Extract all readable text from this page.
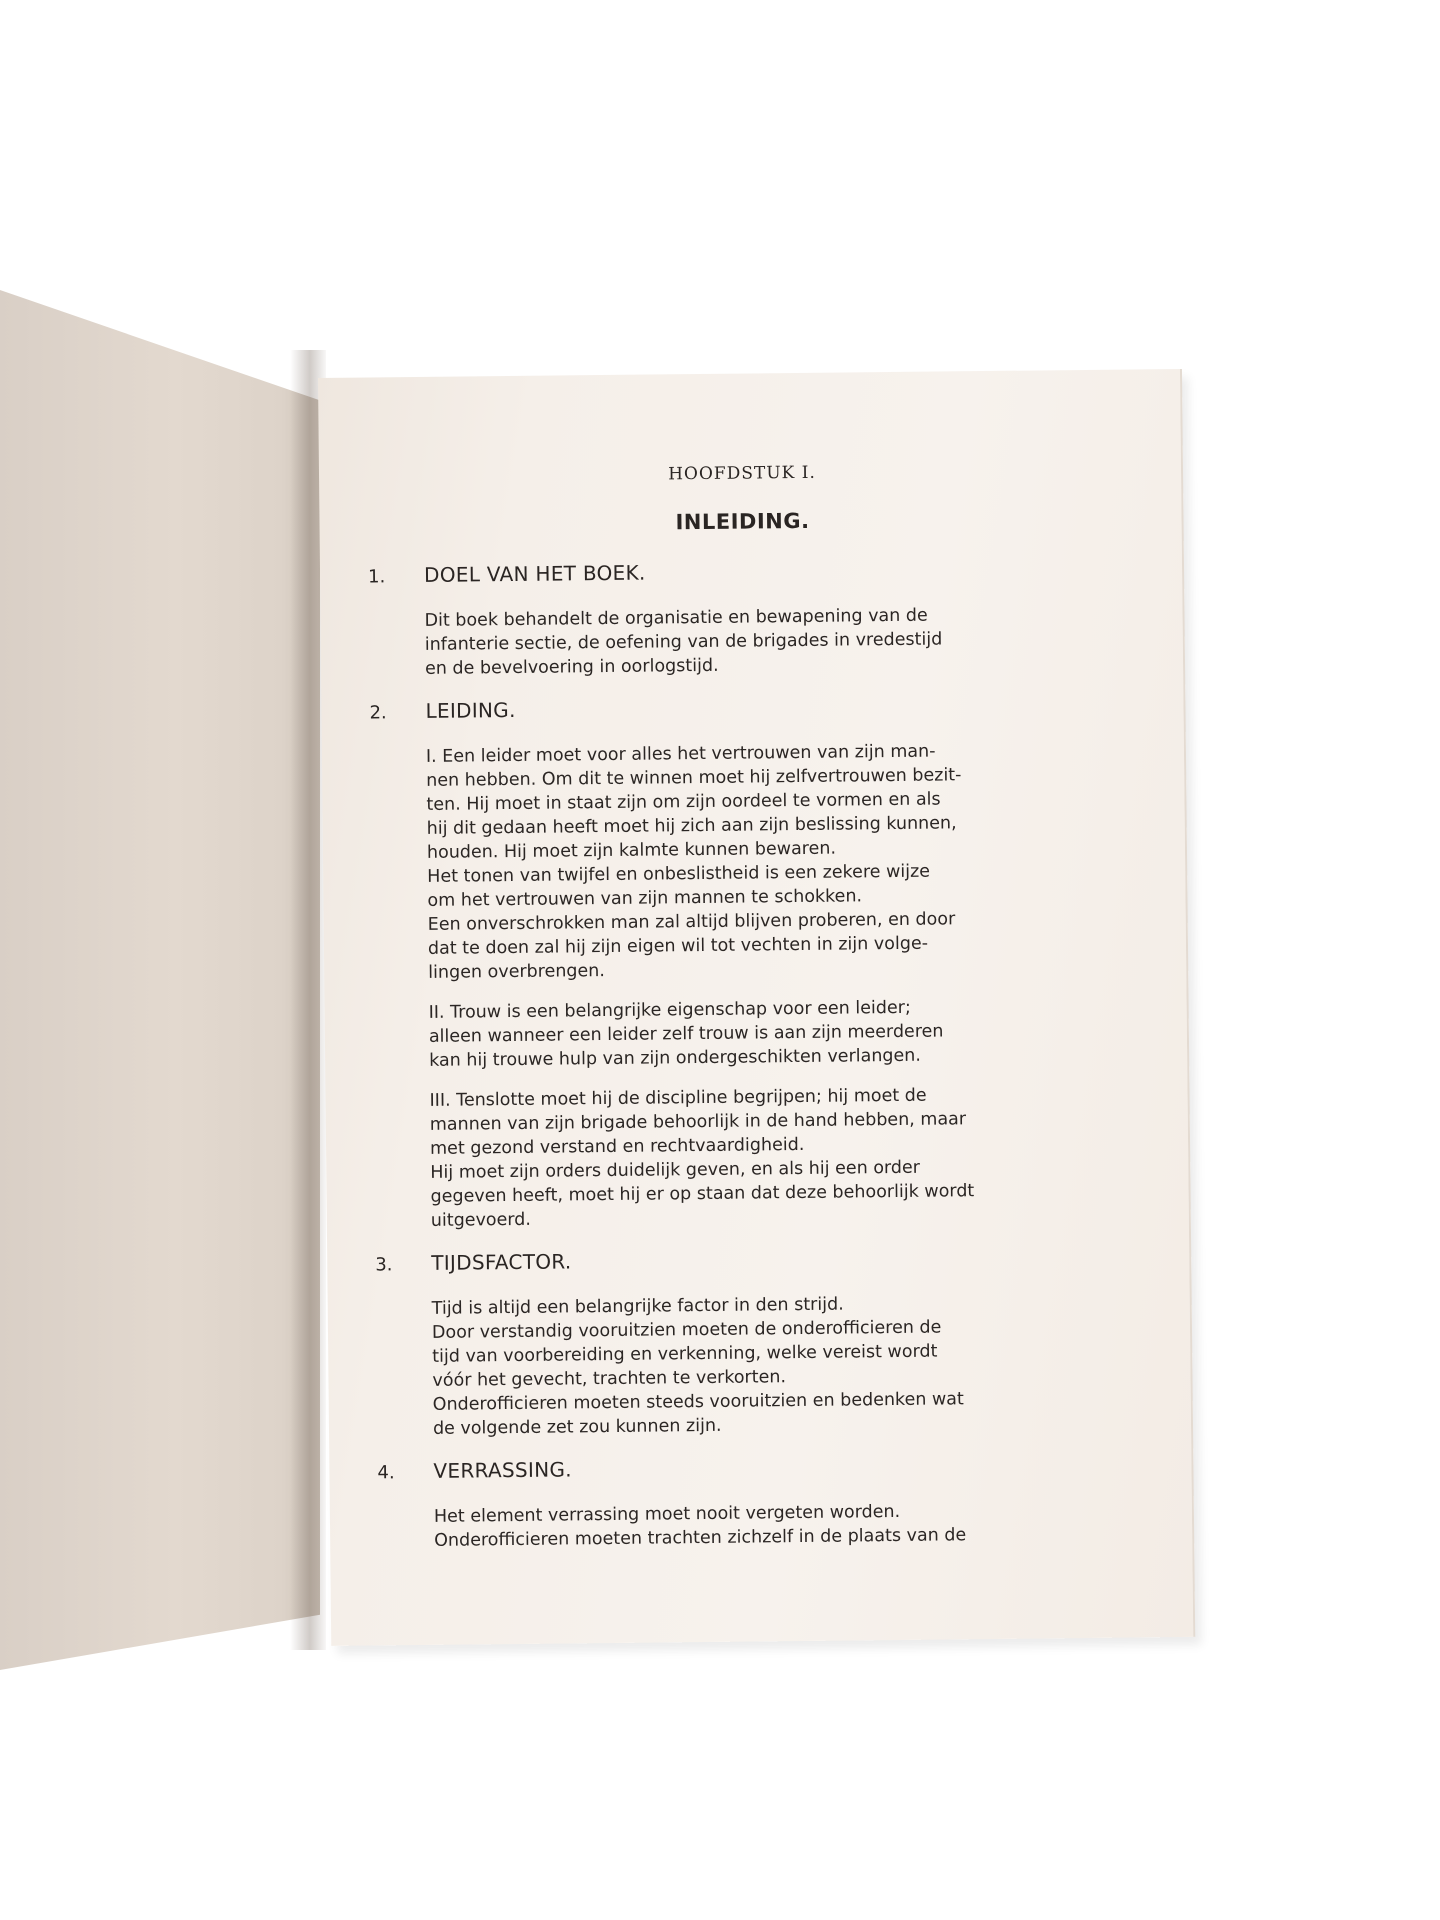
HOOFDSTUK I.
INLEIDING.
1.	DOEL VAN HET BOEK.
Dit boek behandelt de organisatie en bewapening van de
infanterie sectie, de oefening van de brigades in vredestijd
en de bevelvoering in oorlogstijd.
2.	LEIDING.
I. Een leider moet voor alles het vertrouwen van zijn man-
nen hebben. Om dit te winnen moet hij zelfvertrouwen bezit-
ten. Hij moet in staat zijn om zijn oordeel te vormen en als
hij dit gedaan heeft moet hij zich aan zijn beslissing kunnen,
houden. Hij moet zijn kalmte kunnen bewaren.
Het tonen van twijfel en onbeslistheid is een zekere wijze
om het vertrouwen van zijn mannen te schokken.
Een onverschrokken man zal altijd blijven proberen, en door
dat te doen zal hij zijn eigen wil tot vechten in zijn volge-
lingen overbrengen.
II. Trouw is een belangrijke eigenschap voor een leider;
alleen wanneer een leider zelf trouw is aan zijn meerderen
kan hij trouwe hulp van zijn ondergeschikten verlangen.
III. Tenslotte moet hij de discipline begrijpen; hij moet de
mannen van zijn brigade behoorlijk in de hand hebben, maar
met gezond verstand en rechtvaardigheid.
Hij moet zijn orders duidelijk geven, en als hij een order
gegeven heeft, moet hij er op staan dat deze behoorlijk wordt
uitgevoerd.
3.	TIJDSFACTOR.
Tijd is altijd een belangrijke factor in den strijd.
Door verstandig vooruitzien moeten de onderofficieren de
tijd van voorbereiding en verkenning, welke vereist wordt
vóór het gevecht, trachten te verkorten.
Onderofficieren moeten steeds vooruitzien en bedenken wat
de volgende zet zou kunnen zijn.
4.	VERRASSING.
Het element verrassing moet nooit vergeten worden.
Onderofficieren moeten trachten zichzelf in de plaats van de
